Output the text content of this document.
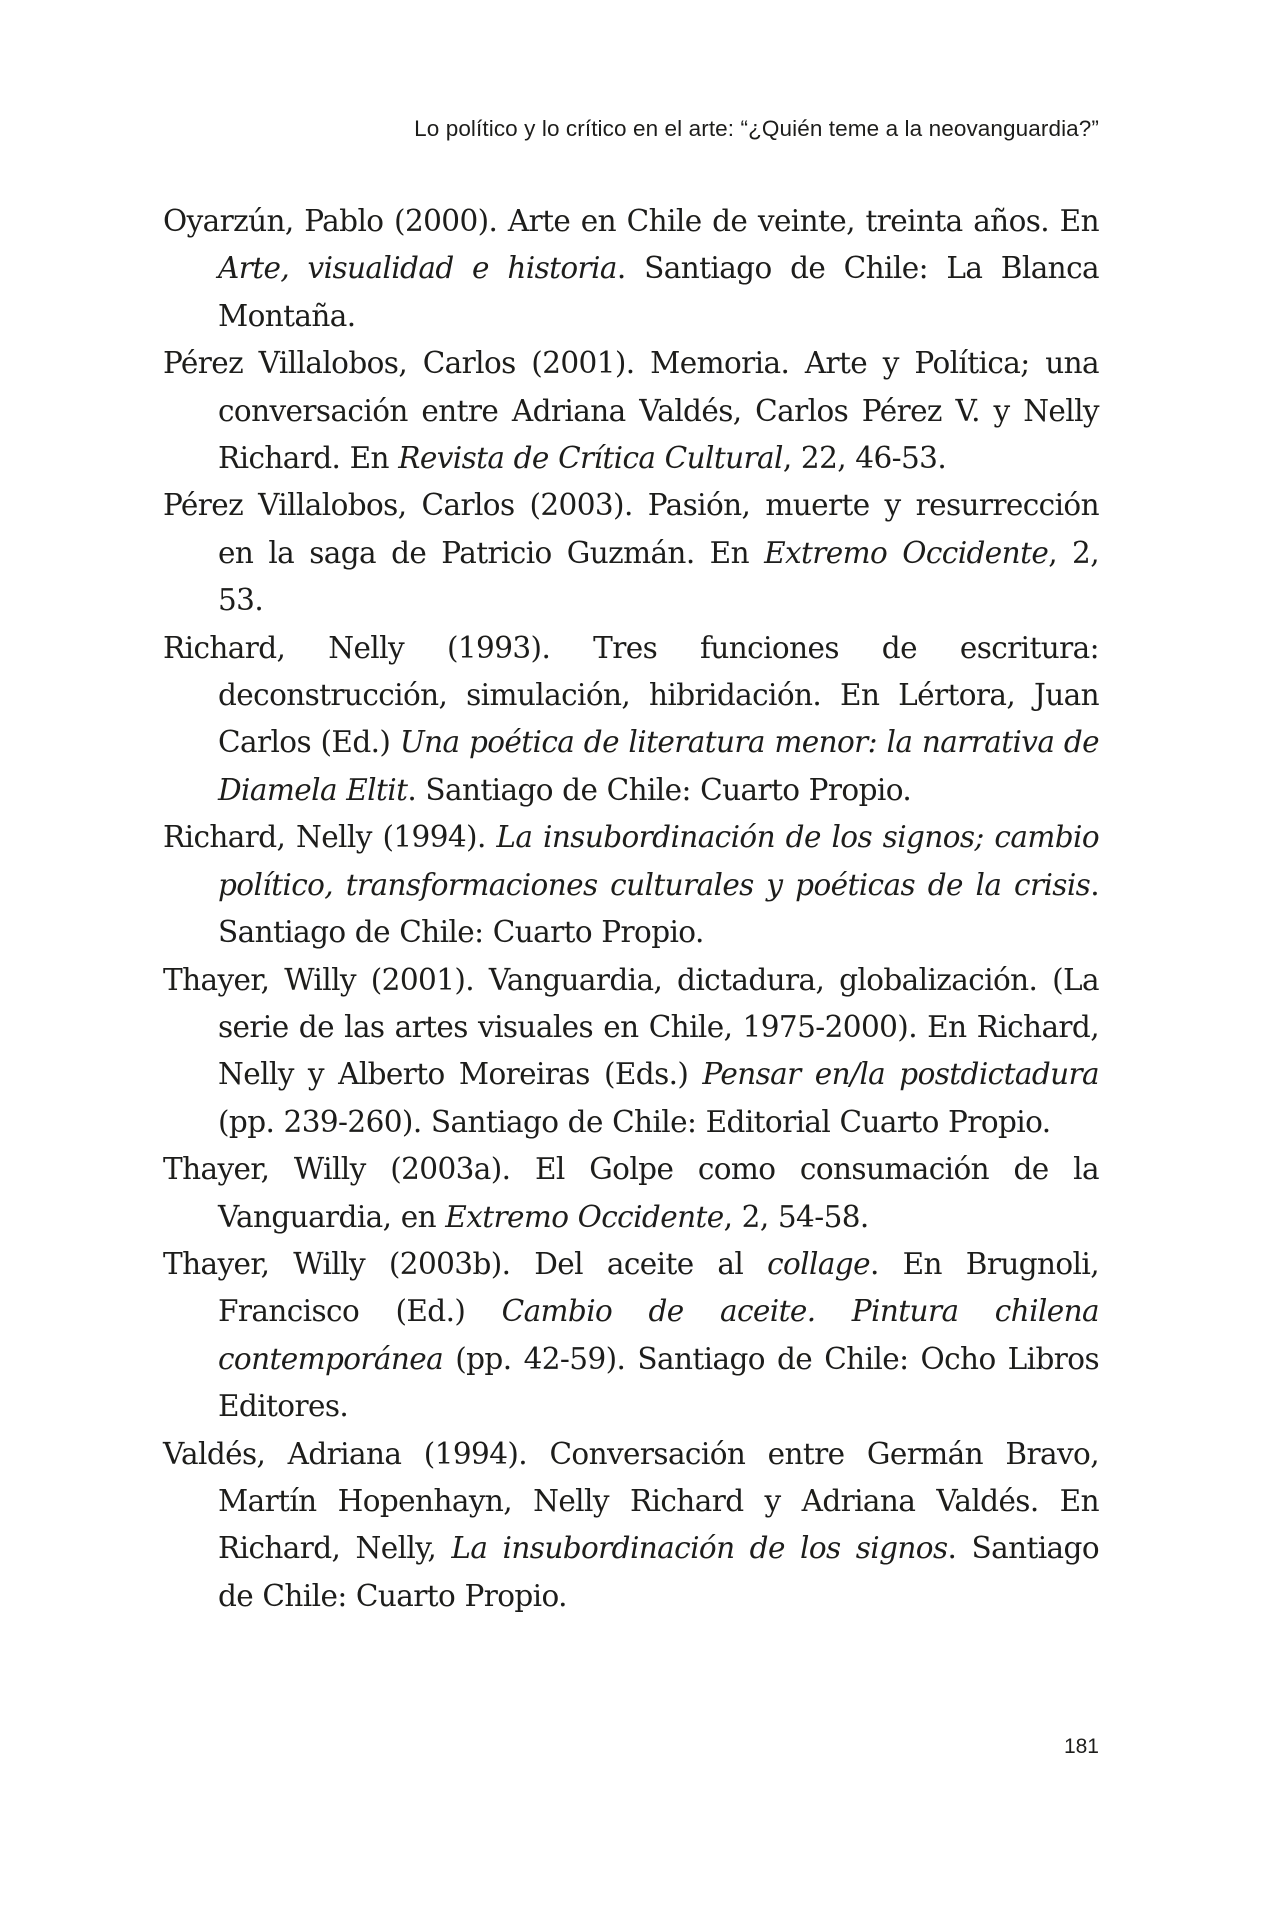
Lo político y lo crítico en el arte: “¿Quién teme a la neovanguardia?”

Oyarzún, Pablo (2000). Arte en Chile de veinte, treinta años. En Arte, visualidad e historia. Santiago de Chile: La Blanca Montaña.

Pérez Villalobos, Carlos (2001). Memoria. Arte y Política; una conversación entre Adriana Valdés, Carlos Pérez V. y Nelly Richard. En Revista de Crítica Cultural, 22, 46-53.

Pérez Villalobos, Carlos (2003). Pasión, muerte y resurrección en la saga de Patricio Guzmán. En Extremo Occidente, 2, 53.

Richard, Nelly (1993). Tres funciones de escritura: deconstrucción, simulación, hibridación. En Lértora, Juan Carlos (Ed.) Una poética de literatura menor: la narrativa de Diamela Eltit. Santiago de Chile: Cuarto Propio.

Richard, Nelly (1994). La insubordinación de los signos; cambio político, transformaciones culturales y poéticas de la crisis. Santiago de Chile: Cuarto Propio.

Thayer, Willy (2001). Vanguardia, dictadura, globalización. (La serie de las artes visuales en Chile, 1975-2000). En Richard, Nelly y Alberto Moreiras (Eds.) Pensar en/la postdictadura (pp. 239-260). Santiago de Chile: Editorial Cuarto Propio.

Thayer, Willy (2003a). El Golpe como consumación de la Vanguardia, en Extremo Occidente, 2, 54-58.

Thayer, Willy (2003b). Del aceite al collage. En Brugnoli, Francisco (Ed.) Cambio de aceite. Pintura chilena contemporánea (pp. 42-59). Santiago de Chile: Ocho Libros Editores.

Valdés, Adriana (1994). Conversación entre Germán Bravo, Martín Hopenhayn, Nelly Richard y Adriana Valdés. En Richard, Nelly, La insubordinación de los signos. Santiago de Chile: Cuarto Propio.

181
